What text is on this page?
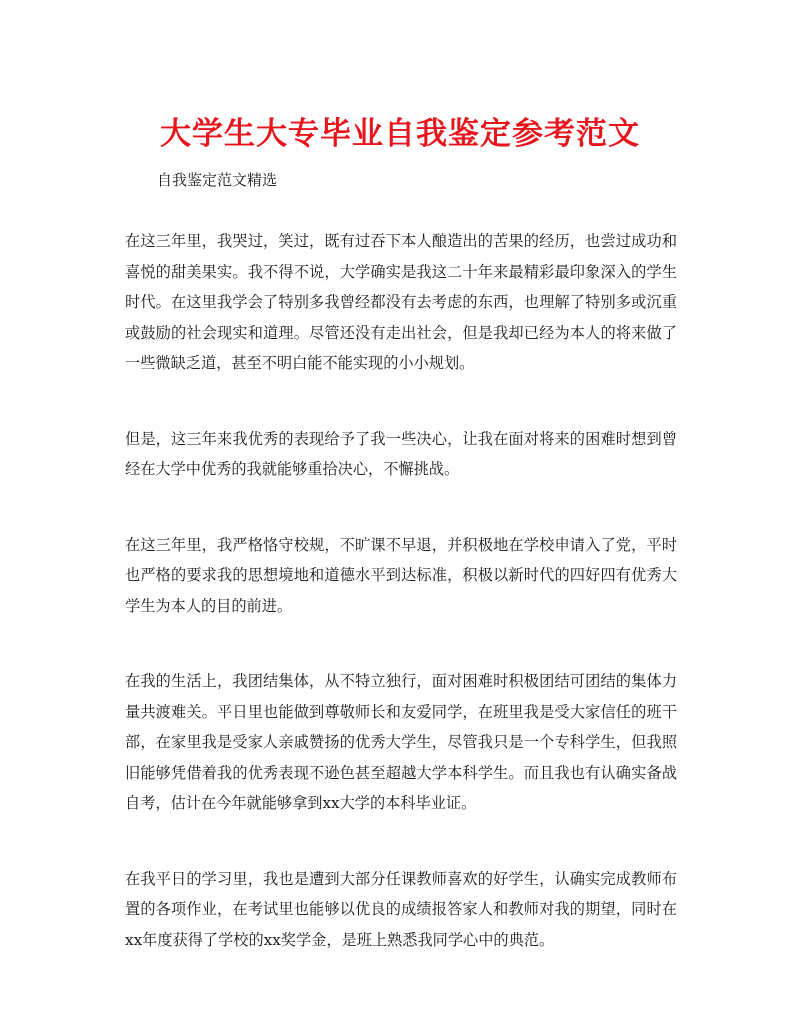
大学生大专毕业自我鉴定参考范文

自我鉴定范文精选

在这三年里，我哭过，笑过，既有过吞下本人酿造出的苦果的经历，也尝过成功和喜悦的甜美果实。我不得不说，大学确实是我这二十年来最精彩最印象深入的学生时代。在这里我学会了特别多我曾经都没有去考虑的东西，也理解了特别多或沉重或鼓励的社会现实和道理。尽管还没有走出社会，但是我却已经为本人的将来做了一些微缺乏道，甚至不明白能不能实现的小小规划。

但是，这三年来我优秀的表现给予了我一些决心，让我在面对将来的困难时想到曾经在大学中优秀的我就能够重拾决心，不懈挑战。

在这三年里，我严格恪守校规，不旷课不早退，并积极地在学校申请入了党，平时也严格的要求我的思想境地和道德水平到达标准，积极以新时代的四好四有优秀大学生为本人的目的前进。

在我的生活上，我团结集体，从不特立独行，面对困难时积极团结可团结的集体力量共渡难关。平日里也能做到尊敬师长和友爱同学，在班里我是受大家信任的班干部，在家里我是受家人亲戚赞扬的优秀大学生，尽管我只是一个专科学生，但我照旧能够凭借着我的优秀表现不逊色甚至超越大学本科学生。而且我也有认确实备战自考，估计在今年就能够拿到xx大学的本科毕业证。

在我平日的学习里，我也是遭到大部分任课教师喜欢的好学生，认确实完成教师布置的各项作业，在考试里也能够以优良的成绩报答家人和教师对我的期望，同时在xx年度获得了学校的xx奖学金，是班上熟悉我同学心中的典范。
